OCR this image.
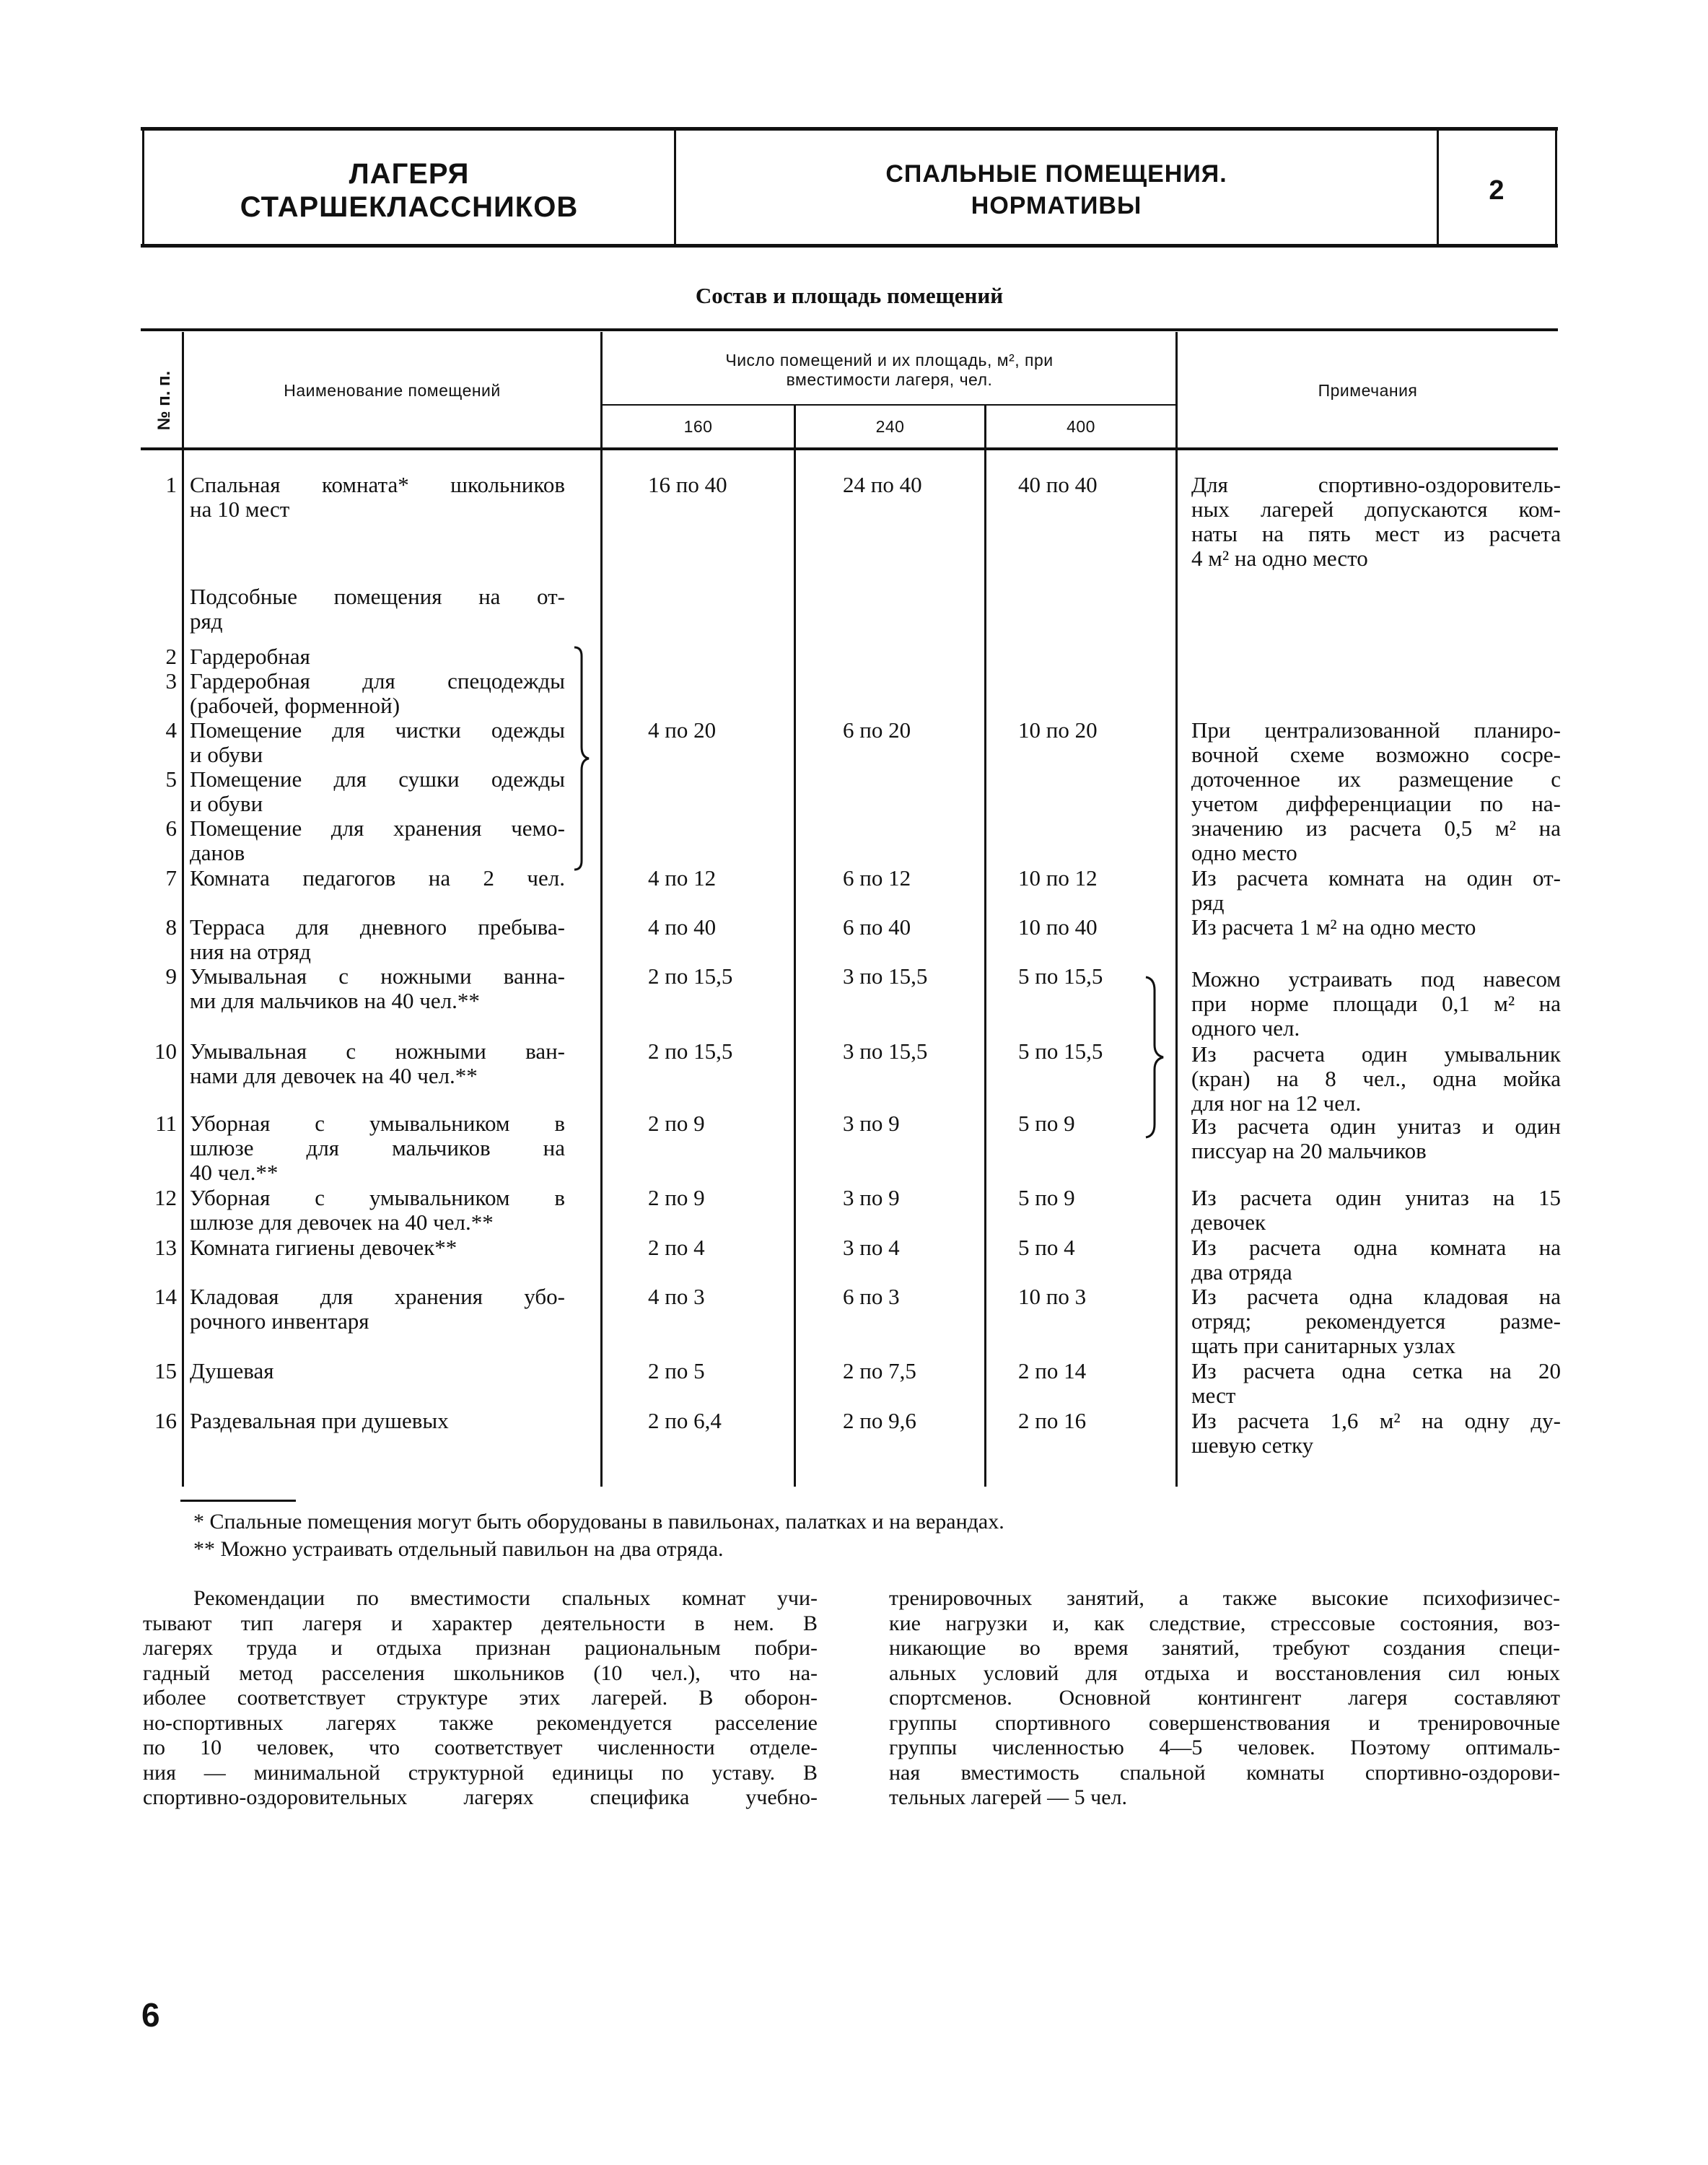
ЛАГЕРЯ
СТАРШЕКЛАССНИКОВ
СПАЛЬНЫЕ ПОМЕЩЕНИЯ.
НОРМАТИВЫ	2
Состав и площадь помещений
№ п. п.	Наименование помещений
Число помещений и их площадь, м², при
вместимости лагеря, чел.
160	240	400
Примечания
1 Спальная комната* школьников
на 10 мест
16 по 40	24 по 40	40 по 40	Для спортивно-оздоровитель-
ных лагерей допускаются ком-
наты на пять мест из расчета
4 м² на одно место
Подсобные помещения на от-
ряд
2 Гардеробная
3 Гардеробная для спецодежды
(рабочей, форменной)
4 Помещение для чистки одежды
и обуви
4 по 20	6 по 20	10 по 20	При централизованной планиро-
вочной схеме возможно сосре-
доточенное их размещение с
учетом дифференциации по на-
значению из расчета 0,5 м² на
одно место
5 Помещение для сушки одежды
и обуви
6 Помещение для хранения чемо-
данов
7 Комната педагогов на 2 чел.	4 по 12	6 по 12	10 по 12	Из расчета комната на один от-
ряд
8 Терраса для дневного пребыва-
ния на отряд
4 по 40	6 по 40	10 по 40	Из расчета 1 м² на одно место
9 Умывальная с ножными ванна-
ми для мальчиков на 40 чел.**
2 по 15,5	3 по 15,5	5 по 15,5	Можно устраивать под навесом
при норме площади 0,1 м² на
одного чел.
10 Умывальная с ножными ван-
нами для девочек на 40 чел.**
2 по 15,5	3 по 15,5	5 по 15,5	Из расчета один умывальник
(кран) на 8 чел., одна мойка
для ног на 12 чел.
11 Уборная с умывальником в
шлюзе для мальчиков на
40 чел.**
2 по 9	3 по 9	5 по 9	Из расчета один унитаз и один
писсуар на 20 мальчиков
12 Уборная с умывальником в
шлюзе для девочек на 40 чел.**
2 по 9	3 по 9	5 по 9	Из расчета один унитаз на 15
девочек
13 Комната гигиены девочек**	2 по 4	3 по 4	5 по 4	Из расчета одна комната на
два отряда
14 Кладовая для хранения убо-
рочного инвентаря
4 по 3	6 по 3	10 по 3	Из расчета одна кладовая на
отряд; рекомендуется разме-
щать при санитарных узлах
15 Душевая	2 по 5	2 по 7,5	2 по 14	Из расчета одна сетка на 20
мест
16 Раздевальная при душевых	2 по 6,4	2 по 9,6	2 по 16	Из расчета 1,6 м² на одну ду-
шевую сетку
* Спальные помещения могут быть оборудованы в павильонах, палатках и на верандах.
** Можно устраивать отдельный павильон на два отряда.
Рекомендации по вместимости спальных комнат учи-
тывают тип лагеря и характер деятельности в нем. В
лагерях труда и отдыха признан рациональным побри-
гадный метод расселения школьников (10 чел.), что на-
иболее соответствует структуре этих лагерей. В оборон-
но-спортивных лагерях также рекомендуется расселение
по 10 человек, что соответствует численности отделе-
ния — минимальной структурной единицы по уставу. В
спортивно-оздоровительных лагерях специфика учебно-
тренировочных занятий, а также высокие психофизичес-
кие нагрузки и, как следствие, стрессовые состояния, воз-
никающие во время занятий, требуют создания специ-
альных условий для отдыха и восстановления сил юных
спортсменов. Основной контингент лагеря составляют
группы спортивного совершенствования и тренировочные
группы численностью 4—5 человек. Поэтому оптималь-
ная вместимость спальной комнаты спортивно-оздорови-
тельных лагерей — 5 чел.
6
